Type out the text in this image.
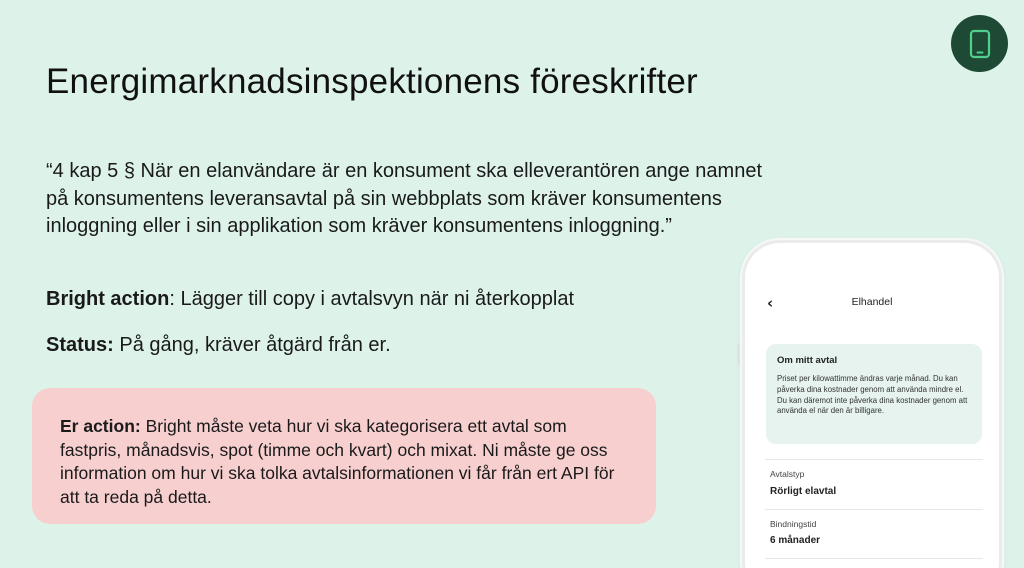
Energimarknadsinspektionens föreskrifter

“4 kap 5 § När en elanvändare är en konsument ska elleverantören ange namnet på konsumentens leveransavtal på sin webbplats som kräver konsumentens inloggning eller i sin applikation som kräver konsumentens inloggning.”

Bright action: Lägger till copy i avtalsvyn när ni återkopplat

Status: På gång, kräver åtgärd från er.

Er action: Bright måste veta hur vi ska kategorisera ett avtal som fastpris, månadsvis, spot (timme och kvart) och mixat. Ni måste ge oss information om hur vi ska tolka avtalsinformationen vi får från ert API för att ta reda på detta.
‹	Elhandel
Om mitt avtal
Priset per kilowattimme ändras varje månad. Du kan påverka dina kostnader genom att använda mindre el. Du kan däremot inte påverka dina kostnader genom att använda el när den är billigare.
Avtalstyp
Rörligt elavtal
Bindningstid
6 månader
